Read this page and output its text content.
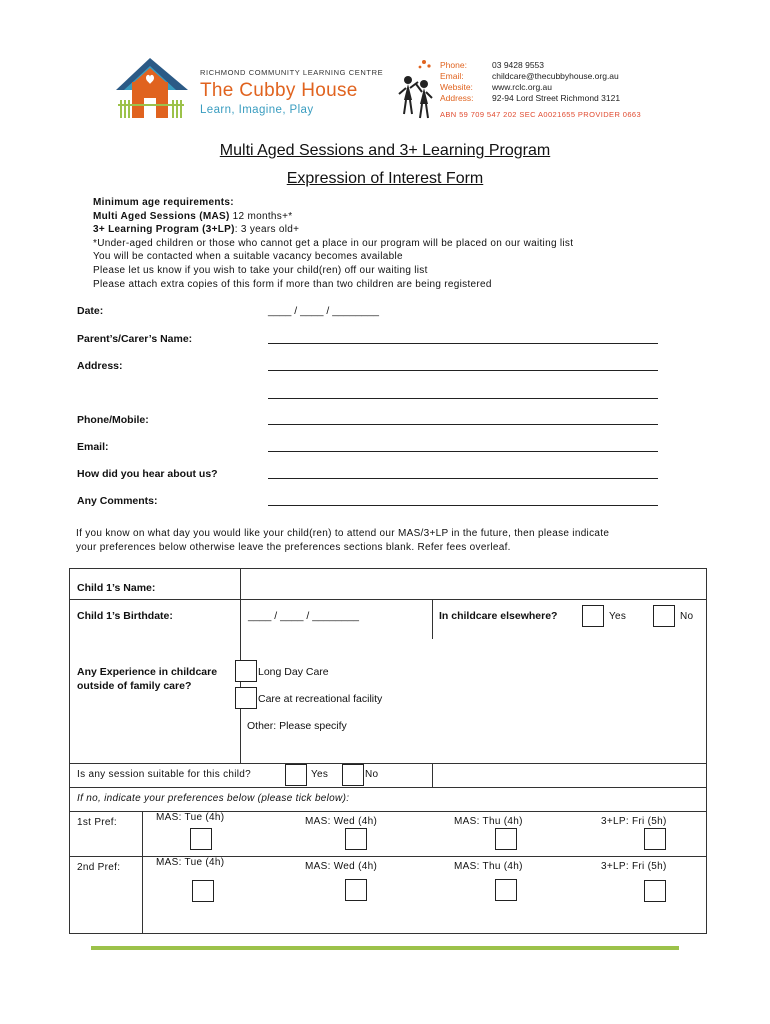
RICHMOND COMMUNITY LEARNING CENTRE
The Cubby House
Learn, Imagine, Play
Phone:	03 9428 9553
Email:	childcare@thecubbyhouse.org.au
Website:	www.rclc.org.au
Address:	92-94 Lord Street Richmond 3121
ABN 59 709 547 202 SEC A0021655 PROVIDER 0663
Multi Aged Sessions and 3+ Learning Program
Expression of Interest Form
Minimum age requirements:
Multi Aged Sessions (MAS) 12 months+*
3+ Learning Program (3+LP): 3 years old+
*Under-aged children or those who cannot get a place in our program will be placed on our waiting list
You will be contacted when a suitable vacancy becomes available
Please let us know if you wish to take your child(ren) off our waiting list
Please attach extra copies of this form if more than two children are being registered
Date:	____ / ____ / ________
Parent’s/Carer’s Name:
Address:
Phone/Mobile:
Email:
How did you hear about us?
Any Comments:
If you know on what day you would like your child(ren) to attend our MAS/3+LP in the future, then please indicate
your preferences below otherwise leave the preferences sections blank. Refer fees overleaf.
Child 1’s Name:
Child 1’s Birthdate:	____ / ____ / ________	In childcare elsewhere?	Yes	No
Any Experience in childcare
outside of family care?
Long Day Care
Care at recreational facility
Other: Please specify
Is any session suitable for this child?	Yes	No
If no, indicate your preferences below (please tick below):
1st Pref:	MAS: Tue (4h)	MAS: Wed (4h)	MAS: Thu (4h)	3+LP: Fri (5h)
2nd Pref:	MAS: Tue (4h)	MAS: Wed (4h)	MAS: Thu (4h)	3+LP: Fri (5h)
